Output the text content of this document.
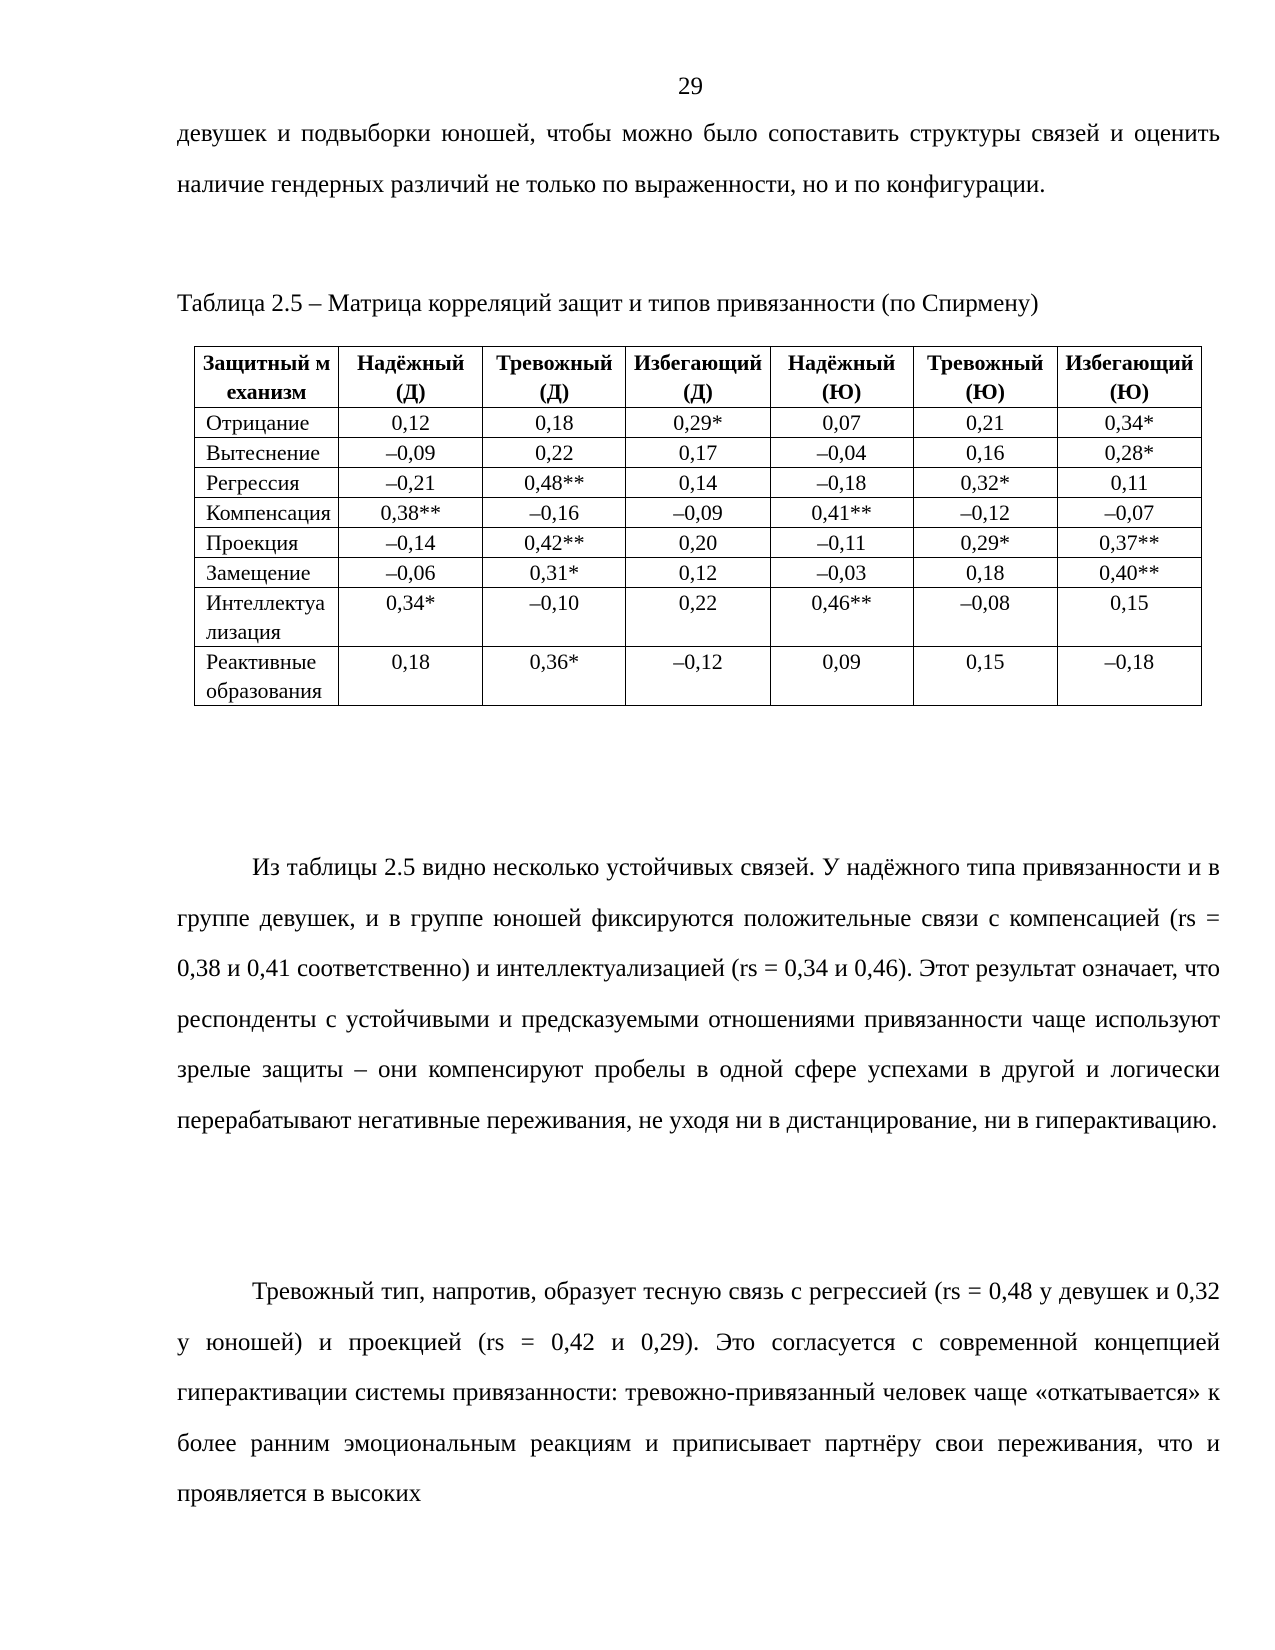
29

девушек и подвыборки юношей, чтобы можно было сопоставить структуры связей и оценить наличие гендерных различий не только по выраженности, но и по конфигурации.

Таблица 2.5 – Матрица корреляций защит и типов привязанности (по Спирмену)
Защитный механизм	Надёжный (Д)	Тревожный (Д)	Избегающий (Д)	Надёжный (Ю)	Тревожный (Ю)	Избегающий (Ю)
Отрицание	0,12	0,18	0,29*	0,07	0,21	0,34*
Вытеснение	–0,09	0,22	0,17	–0,04	0,16	0,28*
Регрессия	–0,21	0,48**	0,14	–0,18	0,32*	0,11
Компенсация	0,38**	–0,16	–0,09	0,41**	–0,12	–0,07
Проекция	–0,14	0,42**	0,20	–0,11	0,29*	0,37**
Замещение	–0,06	0,31*	0,12	–0,03	0,18	0,40**
Интеллектуализация	0,34*	–0,10	0,22	0,46**	–0,08	0,15
Реактивные образования	0,18	0,36*	–0,12	0,09	0,15	–0,18

Из таблицы 2.5 видно несколько устойчивых связей. У надёжного типа привязанности и в группе девушек, и в группе юношей фиксируются положительные связи с компенсацией (rs = 0,38 и 0,41 соответственно) и интеллектуализацией (rs = 0,34 и 0,46). Этот результат означает, что респонденты с устойчивыми и предсказуемыми отношениями привязанности чаще используют зрелые защиты – они компенсируют пробелы в одной сфере успехами в другой и логически перерабатывают негативные переживания, не уходя ни в дистанцирование, ни в гиперактивацию.

Тревожный тип, напротив, образует тесную связь с регрессией (rs = 0,48 у девушек и 0,32 у юношей) и проекцией (rs = 0,42 и 0,29). Это согласуется с современной концепцией гиперактивации системы привязанности: тревожно-привязанный человек чаще «откатывается» к более ранним эмоциональным реакциям и приписывает партнёру свои переживания, что и проявляется в высоких
